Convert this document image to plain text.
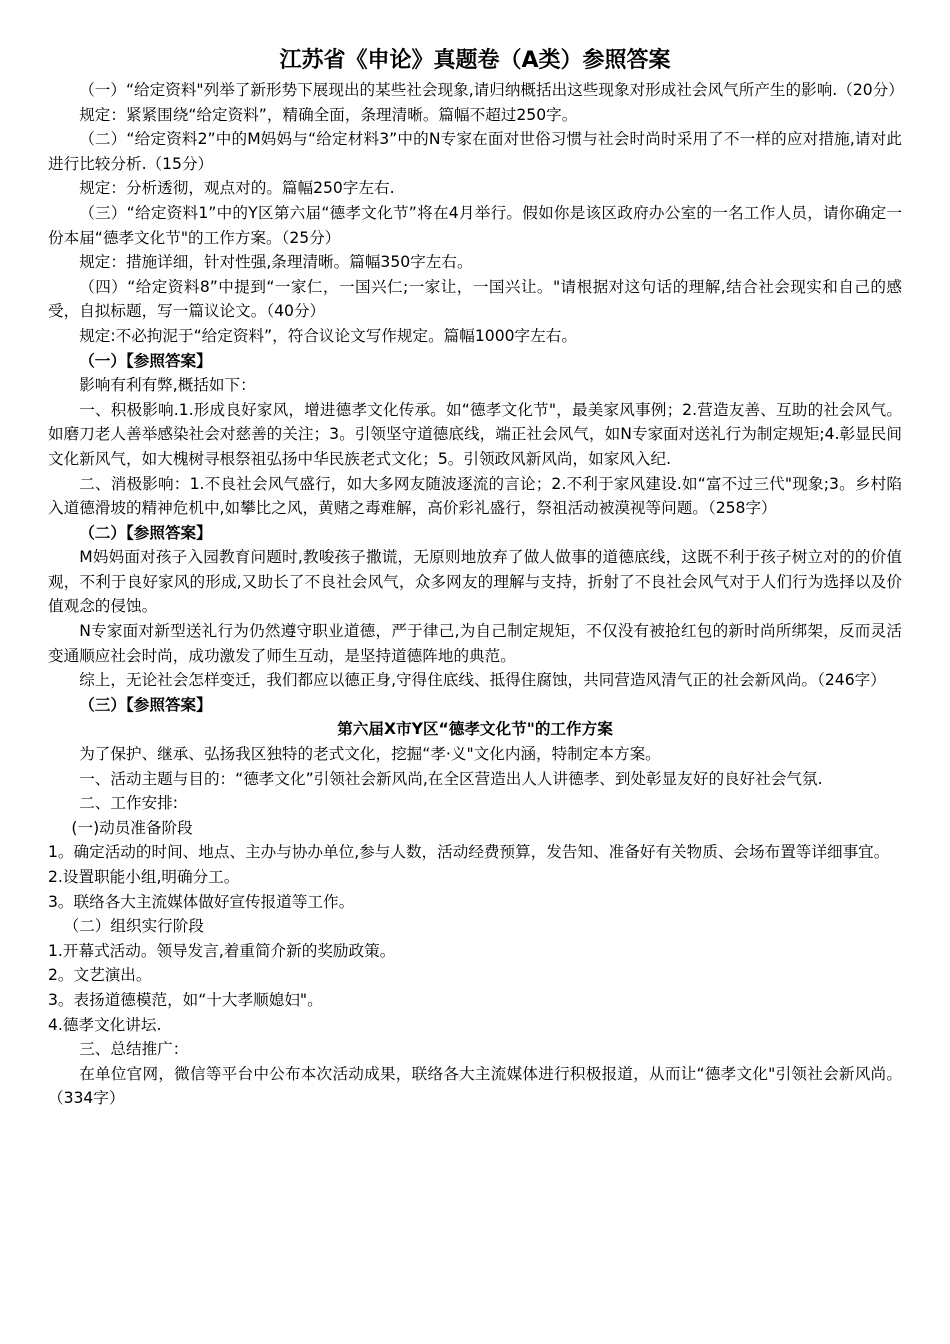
江苏省《申论》真题卷（A类）参照答案

（一）“给定资料"列举了新形势下展现出的某些社会现象,请归纳概括出这些现象对形成社会风气所产生的影响.（20分）

规定：紧紧围绕“给定资料”，精确全面，条理清晰。篇幅不超过250字。

（二）“给定资料2”中的M妈妈与“给定材料3”中的N专家在面对世俗习惯与社会时尚时采用了不一样的应对措施,请对此进行比较分析.（15分）

规定：分析透彻，观点对的。篇幅250字左右.

（三）“给定资料1”中的Y区第六届“德孝文化节”将在4月举行。假如你是该区政府办公室的一名工作人员，请你确定一份本届“德孝文化节"的工作方案。（25分）

规定：措施详细，针对性强,条理清晰。篇幅350字左右。

（四）“给定资料8”中提到“一家仁，一国兴仁;一家让，一国兴让。"请根据对这句话的理解,结合社会现实和自己的感受，自拟标题，写一篇议论文。（40分）

规定:不必拘泥于“给定资料”，符合议论文写作规定。篇幅1000字左右。

（一）【参照答案】

影响有利有弊,概括如下：

一、积极影响.1.形成良好家风，增进德孝文化传承。如“德孝文化节"，最美家风事例；2.营造友善、互助的社会风气。如磨刀老人善举感染社会对慈善的关注；3。引领坚守道德底线，端正社会风气，如N专家面对送礼行为制定规矩;4.彰显民间文化新风气，如大槐树寻根祭祖弘扬中华民族老式文化；5。引领政风新风尚，如家风入纪.

二、消极影响：1.不良社会风气盛行，如大多网友随波逐流的言论；2.不利于家风建设.如“富不过三代"现象;3。乡村陷入道德滑坡的精神危机中,如攀比之风，黄赌之毒难解，高价彩礼盛行，祭祖活动被漠视等问题。（258字）

（二）【参照答案】

M妈妈面对孩子入园教育问题时,教唆孩子撒谎，无原则地放弃了做人做事的道德底线，这既不利于孩子树立对的的价值观，不利于良好家风的形成,又助长了不良社会风气，众多网友的理解与支持，折射了不良社会风气对于人们行为选择以及价值观念的侵蚀。

N专家面对新型送礼行为仍然遵守职业道德，严于律己,为自己制定规矩，不仅没有被抢红包的新时尚所绑架，反而灵活变通顺应社会时尚，成功激发了师生互动，是坚持道德阵地的典范。

综上，无论社会怎样变迁，我们都应以德正身,守得住底线、抵得住腐蚀，共同营造风清气正的社会新风尚。（246字）

（三）【参照答案】

第六届X市Y区“德孝文化节"的工作方案

为了保护、继承、弘扬我区独特的老式文化，挖掘“孝·义"文化内涵，特制定本方案。

一、活动主题与目的：“德孝文化”引领社会新风尚,在全区营造出人人讲德孝、到处彰显友好的良好社会气氛.

二、工作安排:

(一)动员准备阶段

1。确定活动的时间、地点、主办与协办单位,参与人数，活动经费预算，发告知、准备好有关物质、会场布置等详细事宜。

2.设置职能小组,明确分工。

3。联络各大主流媒体做好宣传报道等工作。

（二）组织实行阶段

1.开幕式活动。领导发言,着重简介新的奖励政策。

2。文艺演出。

3。表扬道德模范，如“十大孝顺媳妇"。

4.德孝文化讲坛.

三、总结推广：

在单位官网，微信等平台中公布本次活动成果，联络各大主流媒体进行积极报道，从而让“德孝文化"引领社会新风尚。（334字）
